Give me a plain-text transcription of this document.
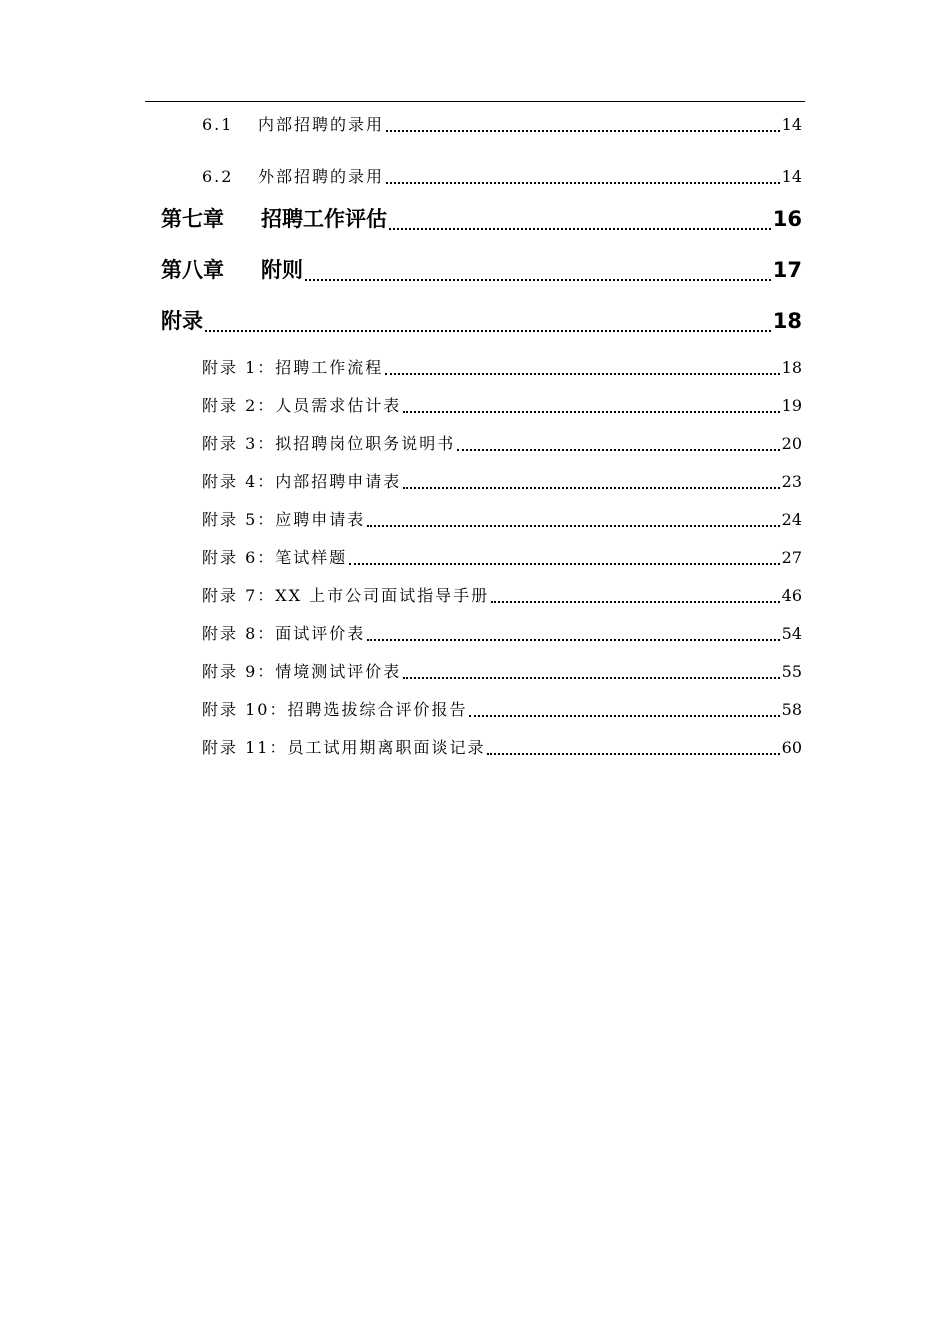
6.1	内部招聘的录用	14
6.2	外部招聘的录用	14
第七章	招聘工作评估	16
第八章	附则	17
附录	18
附录 1：招聘工作流程	18
附录 2：人员需求估计表	19
附录 3：拟招聘岗位职务说明书	20
附录 4：内部招聘申请表	23
附录 5：应聘申请表	24
附录 6：笔试样题	27
附录 7：XX 上市公司面试指导手册	46
附录 8：面试评价表	54
附录 9：情境测试评价表	55
附录 10：招聘选拔综合评价报告	58
附录 11：员工试用期离职面谈记录	60
